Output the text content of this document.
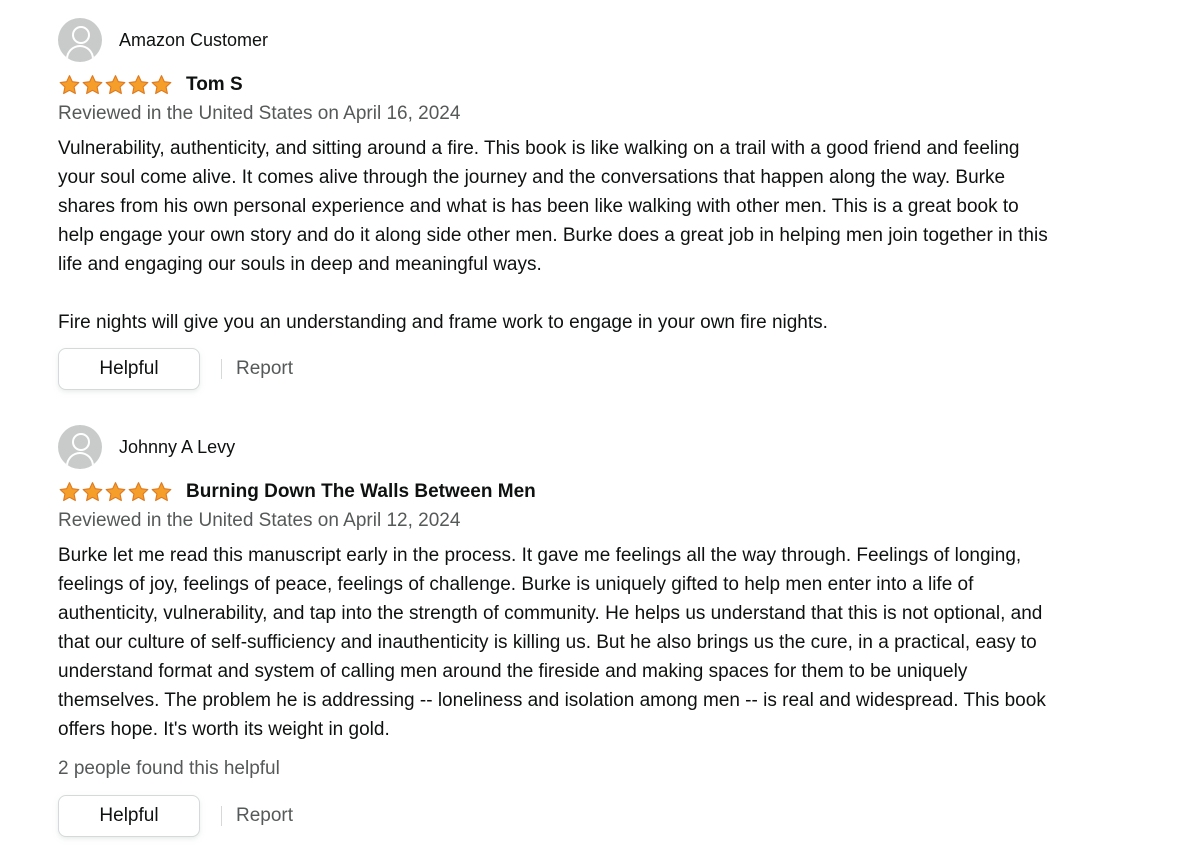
Amazon Customer
Tom S
Reviewed in the United States on April 16, 2024

Vulnerability, authenticity, and sitting around a fire. This book is like walking on a trail with a good friend and feeling your soul come alive. It comes alive through the journey and the conversations that happen along the way. Burke shares from his own personal experience and what is has been like walking with other men. This is a great book to help engage your own story and do it along side other men. Burke does a great job in helping men join together in this life and engaging our souls in deep and meaningful ways.

Fire nights will give you an understanding and frame work to engage in your own fire nights.

Helpful	Report
Johnny A Levy
Burning Down The Walls Between Men
Reviewed in the United States on April 12, 2024

Burke let me read this manuscript early in the process. It gave me feelings all the way through. Feelings of longing, feelings of joy, feelings of peace, feelings of challenge. Burke is uniquely gifted to help men enter into a life of authenticity, vulnerability, and tap into the strength of community. He helps us understand that this is not optional, and that our culture of self-sufficiency and inauthenticity is killing us. But he also brings us the cure, in a practical, easy to understand format and system of calling men around the fireside and making spaces for them to be uniquely themselves. The problem he is addressing -- loneliness and isolation among men -- is real and widespread. This book offers hope. It's worth its weight in gold.

2 people found this helpful
Helpful	Report
